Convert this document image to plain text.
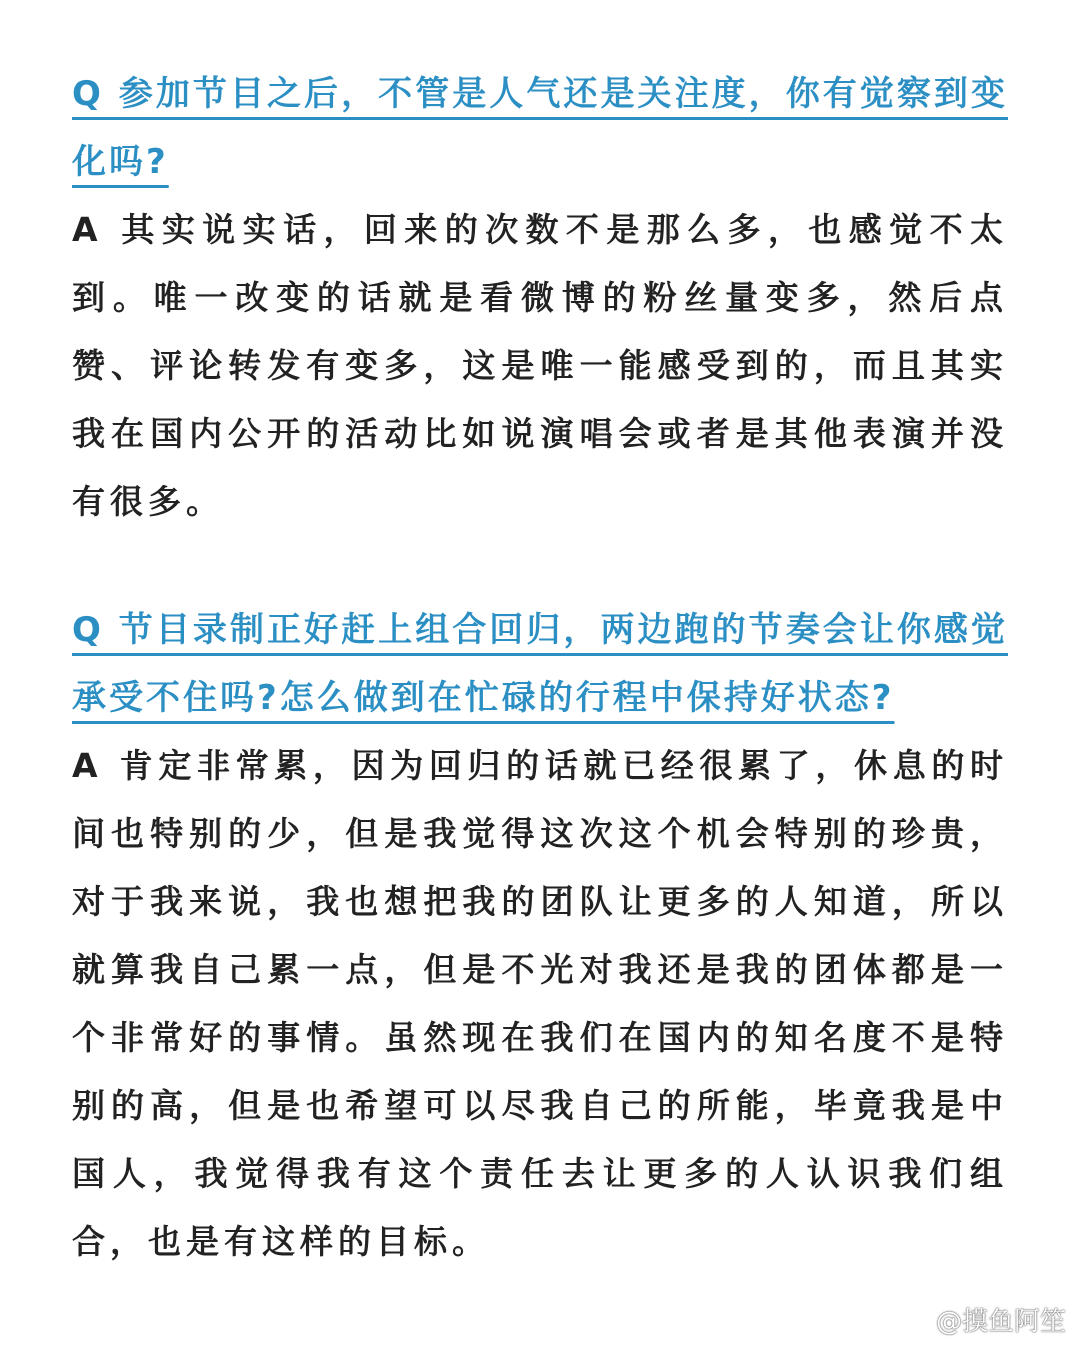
Q 参加节目之后，不管是人气还是关注度，你有觉察到变化吗?

A 其实说实话，回来的次数不是那么多，也感觉不太到。唯一改变的话就是看微博的粉丝量变多，然后点赞、评论转发有变多，这是唯一能感受到的，而且其实我在国内公开的活动比如说演唱会或者是其他表演并没有很多。

Q 节目录制正好赶上组合回归，两边跑的节奏会让你感觉承受不住吗?怎么做到在忙碌的行程中保持好状态?

A 肯定非常累，因为回归的话就已经很累了，休息的时间也特别的少，但是我觉得这次这个机会特别的珍贵，对于我来说，我也想把我的团队让更多的人知道，所以就算我自己累一点，但是不光对我还是我的团体都是一个非常好的事情。虽然现在我们在国内的知名度不是特别的高，但是也希望可以尽我自己的所能，毕竟我是中国人，我觉得我有这个责任去让更多的人认识我们组合，也是有这样的目标。

@摸鱼阿笙
